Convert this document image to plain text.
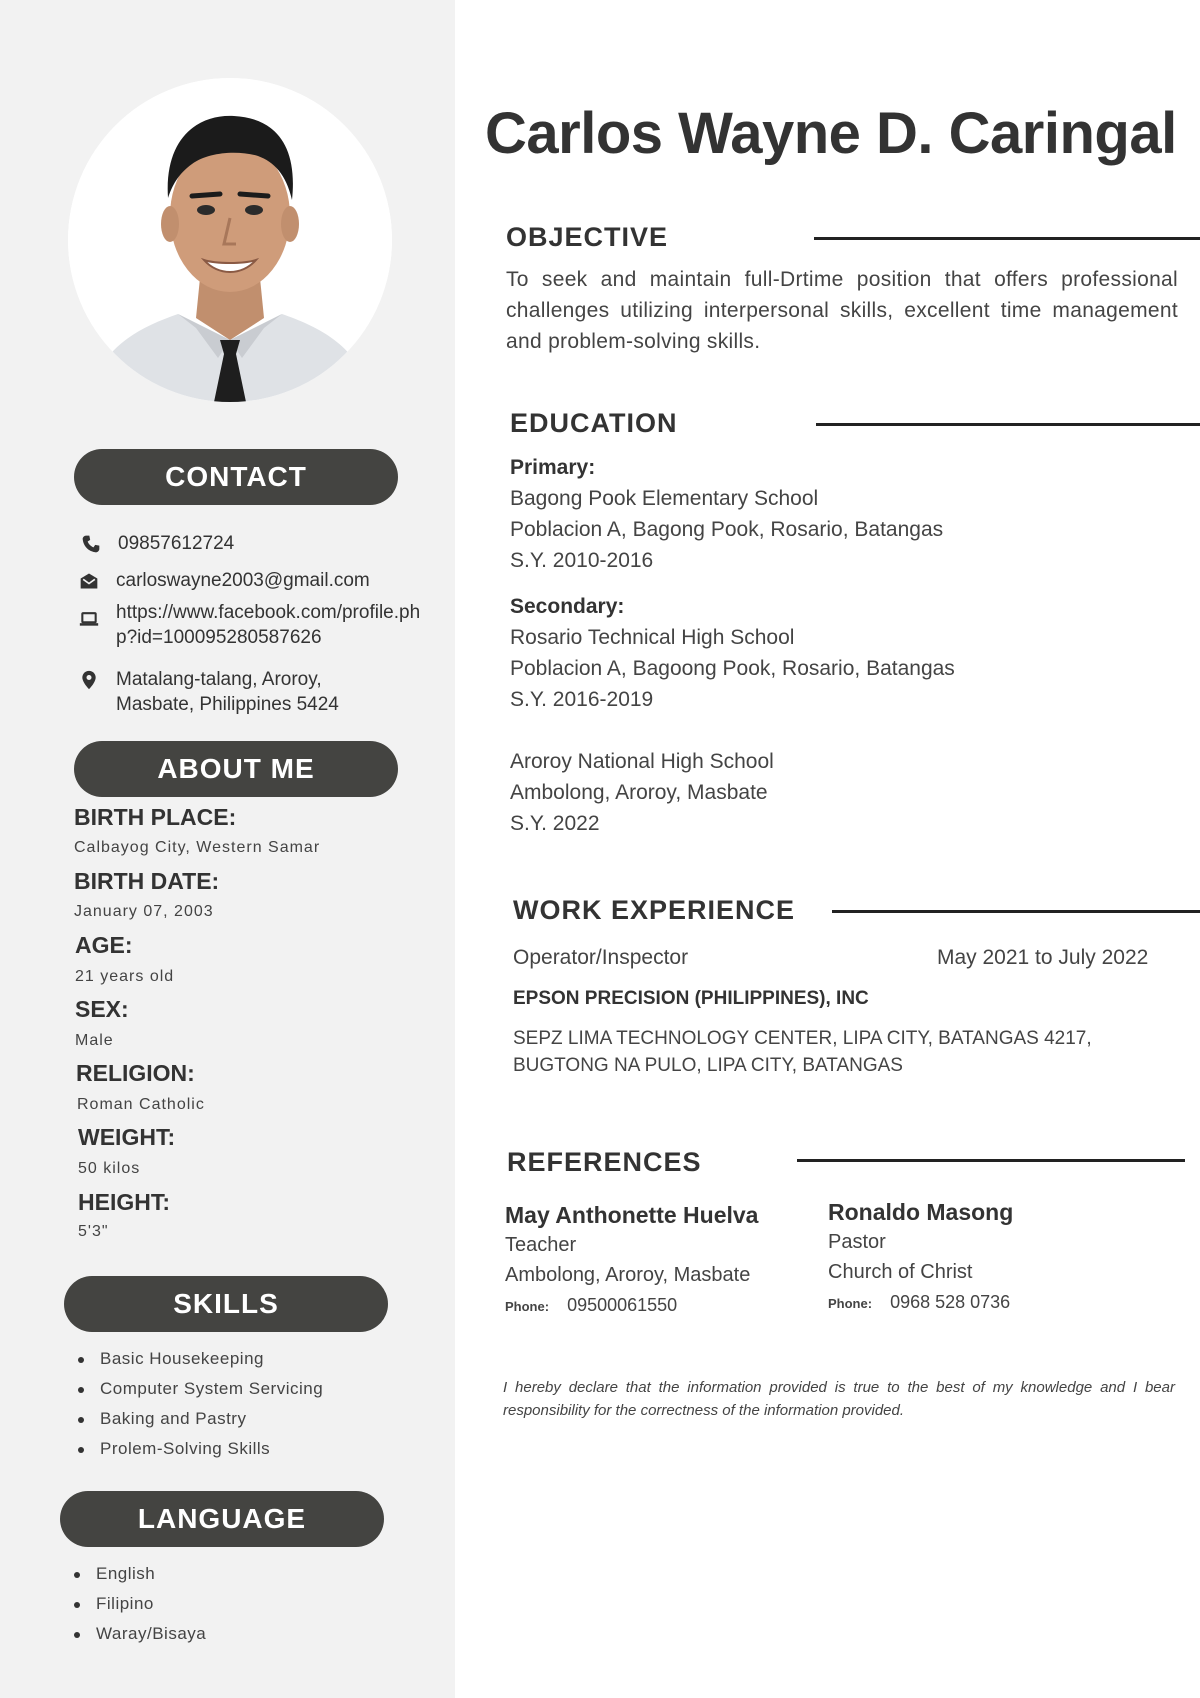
CONTACT
09857612724
carloswayne2003@gmail.com
https://www.facebook.com/profile.php?id=100095280587626
Matalang-talang, Aroroy,
Masbate, Philippines 5424
ABOUT ME
BIRTH PLACE:
Calbayog City, Western Samar
BIRTH DATE:
January 07, 2003
AGE:
21 years old
SEX:
Male
RELIGION:
Roman Catholic
WEIGHT:
50 kilos
HEIGHT:
5'3"
SKILLS
Basic Housekeeping
Computer System Servicing
Baking and Pastry
Prolem-Solving Skills
LANGUAGE
English
Filipino
Waray/Bisaya
Carlos Wayne D. Caringal
OBJECTIVE
To seek and maintain full-Drtime position that offers professional challenges utilizing interpersonal skills, excellent time management and problem-solving skills.
EDUCATION
Primary:
Bagong Pook Elementary School
Poblacion A, Bagong Pook, Rosario, Batangas
S.Y. 2010-2016
Secondary:
Rosario Technical High School
Poblacion A, Bagoong Pook, Rosario, Batangas
S.Y. 2016-2019
Aroroy National High School
Ambolong, Aroroy, Masbate
S.Y. 2022
WORK EXPERIENCE
Operator/Inspector	May 2021 to July 2022
EPSON PRECISION (PHILIPPINES), INC
SEPZ LIMA TECHNOLOGY CENTER, LIPA CITY, BATANGAS 4217, BUGTONG NA PULO, LIPA CITY, BATANGAS
REFERENCES
May Anthonette Huelva
Teacher
Ambolong, Aroroy, Masbate
Phone: 09500061550
Ronaldo Masong
Pastor
Church of Christ
Phone: 0968 528 0736
I hereby declare that the information provided is true to the best of my knowledge and I bear responsibility for the correctness of the information provided.
